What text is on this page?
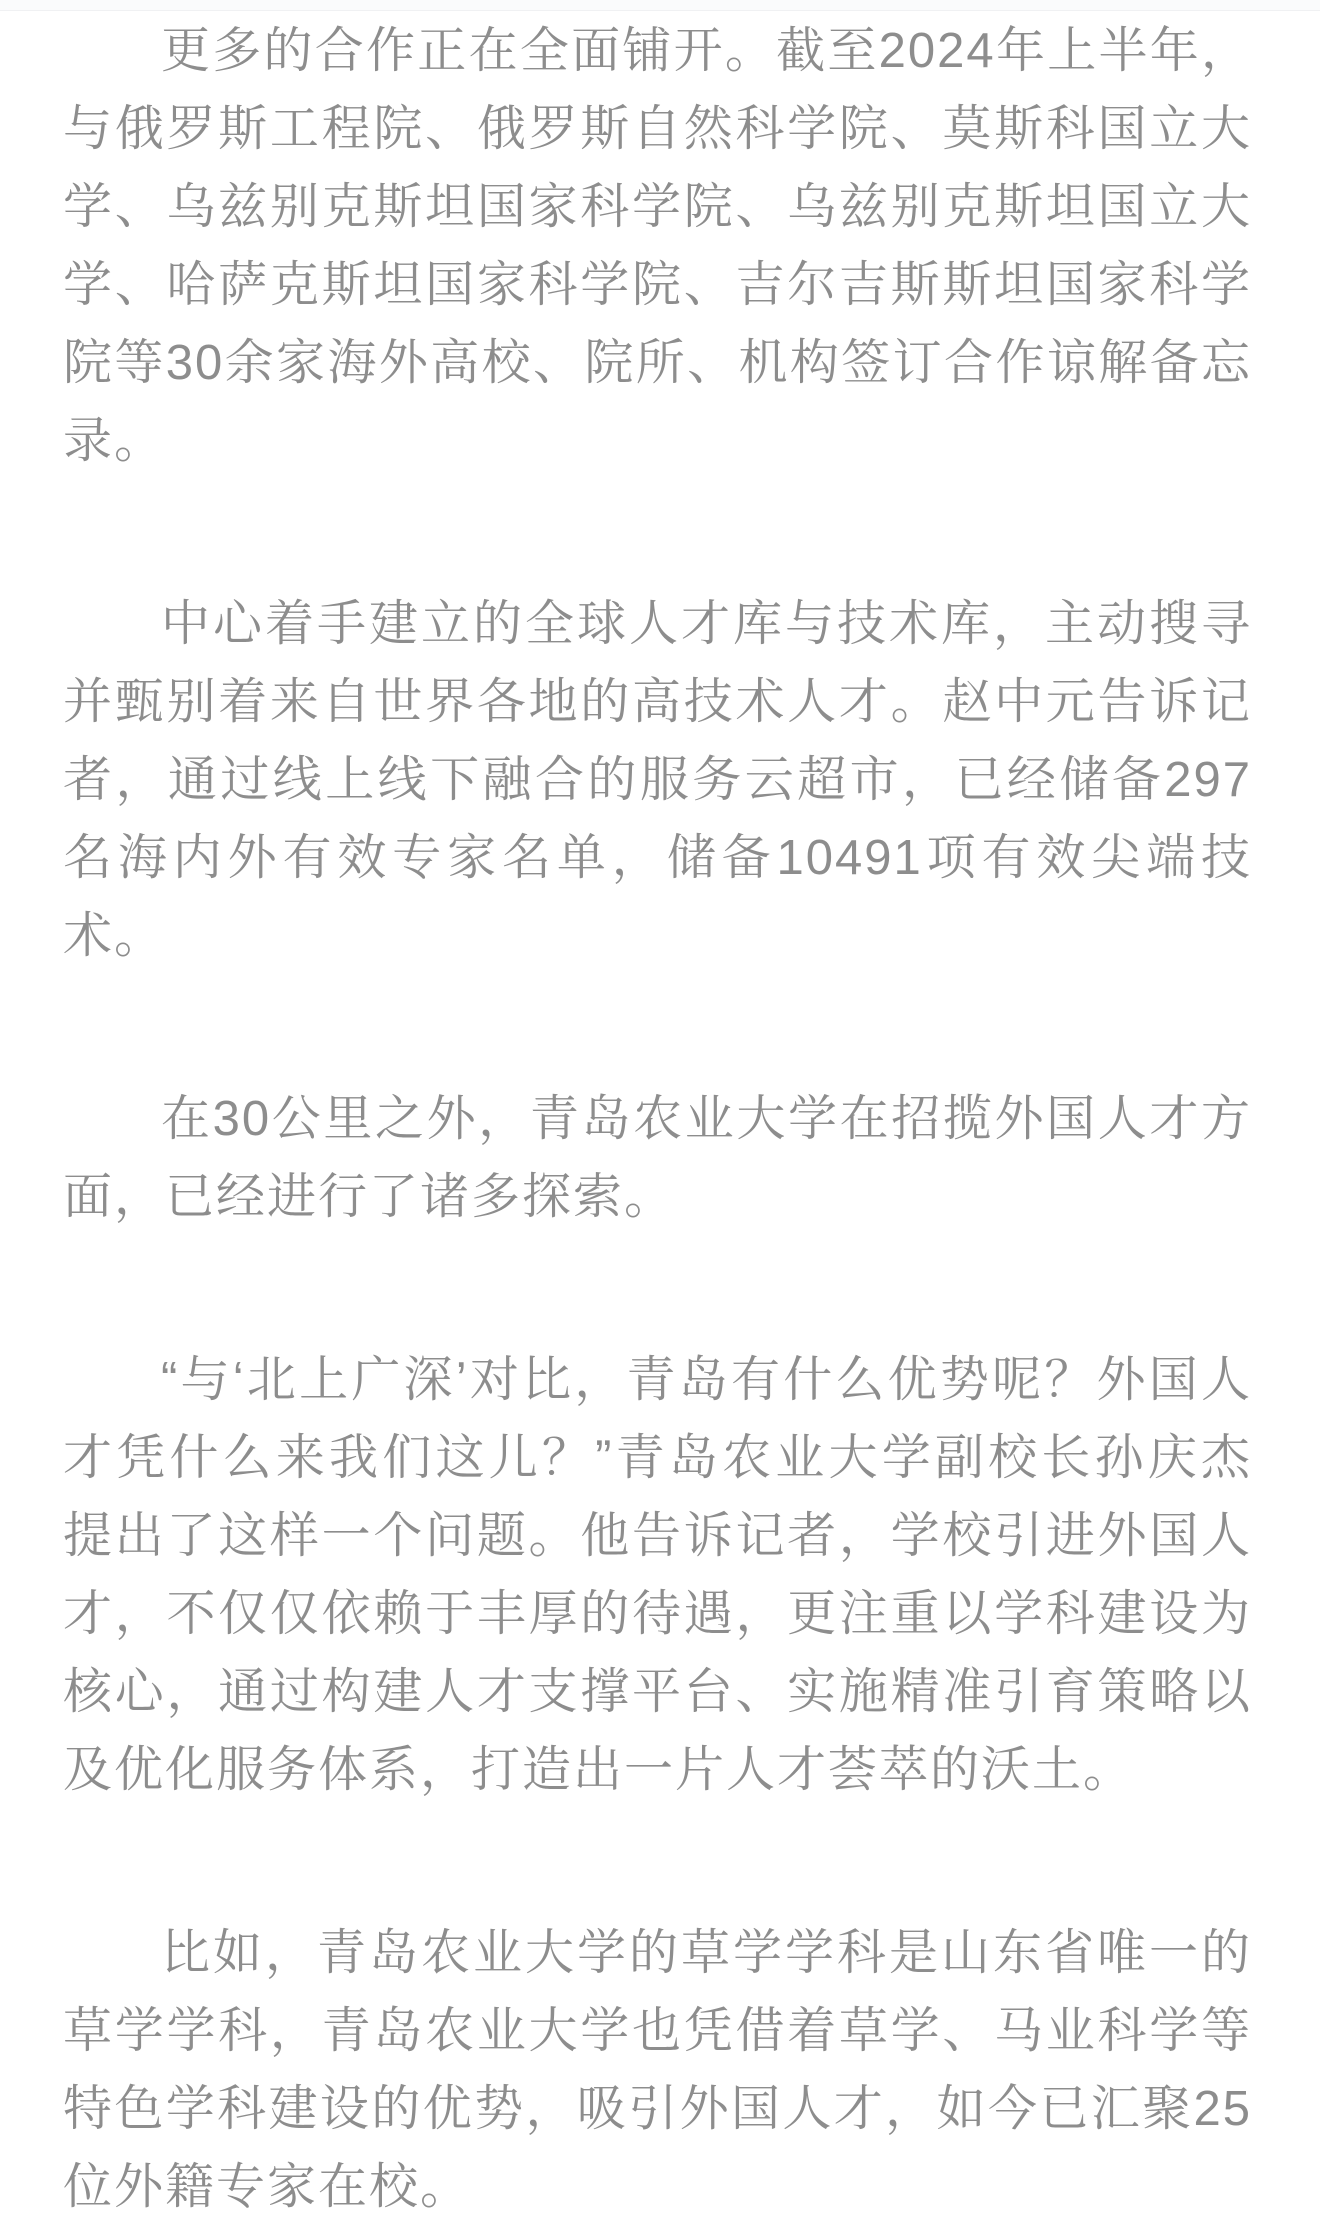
更多的合作正在全面铺开。截至2024年上半年，与俄罗斯工程院、俄罗斯自然科学院、莫斯科国立大学、乌兹别克斯坦国家科学院、乌兹别克斯坦国立大学、哈萨克斯坦国家科学院、吉尔吉斯斯坦国家科学院等30余家海外高校、院所、机构签订合作谅解备忘录。

中心着手建立的全球人才库与技术库，主动搜寻并甄别着来自世界各地的高技术人才。赵中元告诉记者，通过线上线下融合的服务云超市，已经储备297名海内外有效专家名单，储备10491项有效尖端技术。

在30公里之外，青岛农业大学在招揽外国人才方面，已经进行了诸多探索。

“与‘北上广深’对比，青岛有什么优势呢？外国人才凭什么来我们这儿？”青岛农业大学副校长孙庆杰提出了这样一个问题。他告诉记者，学校引进外国人才，不仅仅依赖于丰厚的待遇，更注重以学科建设为核心，通过构建人才支撑平台、实施精准引育策略以及优化服务体系，打造出一片人才荟萃的沃土。

比如，青岛农业大学的草学学科是山东省唯一的草学学科，青岛农业大学也凭借着草学、马业科学等特色学科建设的优势，吸引外国人才，如今已汇聚25位外籍专家在校。
